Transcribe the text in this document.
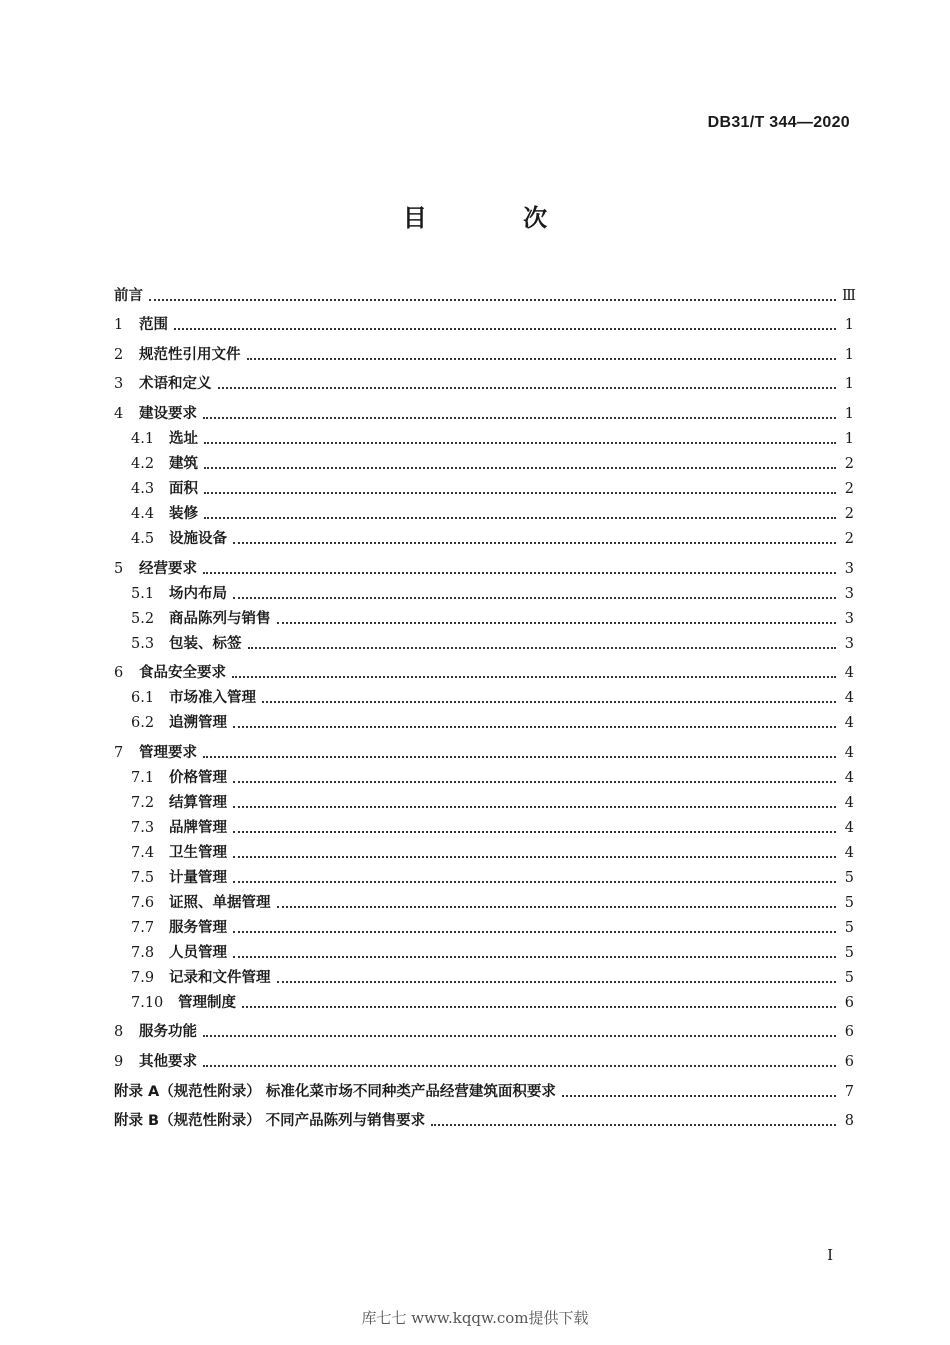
DB31/T 344—2020
目 次
前言	Ⅲ
1	范围	1
2	规范性引用文件	1
3	术语和定义	1
4	建设要求	1
4.1	选址	1
4.2	建筑	2
4.3	面积	2
4.4	装修	2
4.5	设施设备	2
5	经营要求	3
5.1	场内布局	3
5.2	商品陈列与销售	3
5.3	包装、标签	3
6	食品安全要求	4
6.1	市场准入管理	4
6.2	追溯管理	4
7	管理要求	4
7.1	价格管理	4
7.2	结算管理	4
7.3	品牌管理	4
7.4	卫生管理	4
7.5	计量管理	5
7.6	证照、单据管理	5
7.7	服务管理	5
7.8	人员管理	5
7.9	记录和文件管理	5
7.10	管理制度	6
8	服务功能	6
9	其他要求	6
附录 A（规范性附录） 标准化菜市场不同种类产品经营建筑面积要求	7
附录 B（规范性附录） 不同产品陈列与销售要求	8
I
库七七 www.kqqw.com提供下载
